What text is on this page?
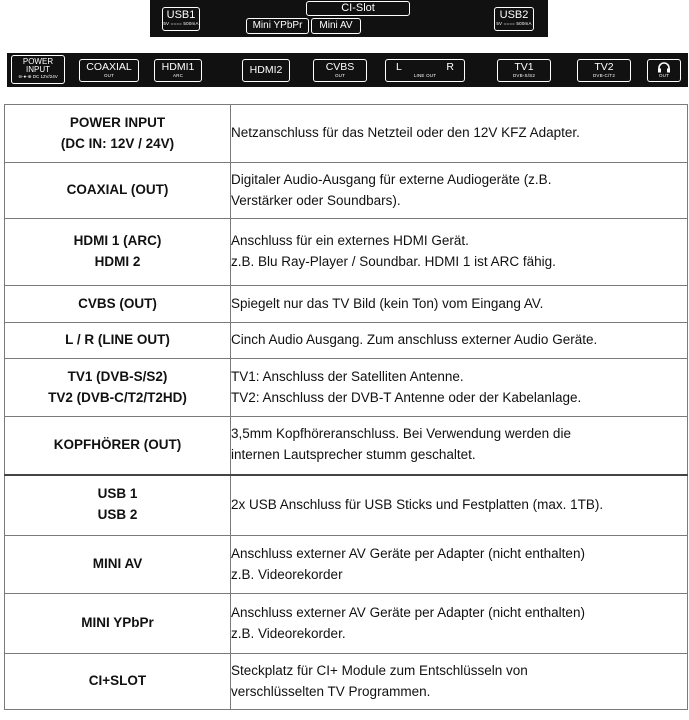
USB1
5V ==== 500mA
CI-Slot
Mini YPbPr	Mini AV
USB2
5V ==== 500mA
POWER
INPUT
⊖-●-⊕ DC 12V/24V
COAXIAL
OUT
HDMI1
ARC	HDMI2	CVBS
OUT
L	R
LINE OUT
TV1
DVB-S/S2
TV2
DVB-C/T2	OUT
POWER INPUT
(DC IN: 12V / 24V)	Netzanschluss für das Netzteil oder den 12V KFZ Adapter.

COAXIAL (OUT)	Digitaler Audio-Ausgang für externe Audiogeräte (z.B.
Verstärker oder Soundbars).

HDMI 1 (ARC)
HDMI 2	Anschluss für ein externes HDMI Gerät.
z.B. Blu Ray-Player / Soundbar. HDMI 1 ist ARC fähig.

CVBS (OUT)	Spiegelt nur das TV Bild (kein Ton) vom Eingang AV.

L / R (LINE OUT)	Cinch Audio Ausgang. Zum anschluss externer Audio Geräte.

TV1 (DVB-S/S2)
TV2 (DVB-C/T2/T2HD)	TV1: Anschluss der Satelliten Antenne.
TV2: Anschluss der DVB-T Antenne oder der Kabelanlage.

KOPFHÖRER (OUT)	3,5mm Kopfhöreranschluss. Bei Verwendung werden die
internen Lautsprecher stumm geschaltet.

USB 1
USB 2	2x USB Anschluss für USB Sticks und Festplatten (max. 1TB).

MINI AV	Anschluss externer AV Geräte per Adapter (nicht enthalten)
z.B. Videorekorder

MINI YPbPr	Anschluss externer AV Geräte per Adapter (nicht enthalten)
z.B. Videorekorder.

CI+SLOT	Steckplatz für CI+ Module zum Entschlüsseln von
verschlüsselten TV Programmen.
